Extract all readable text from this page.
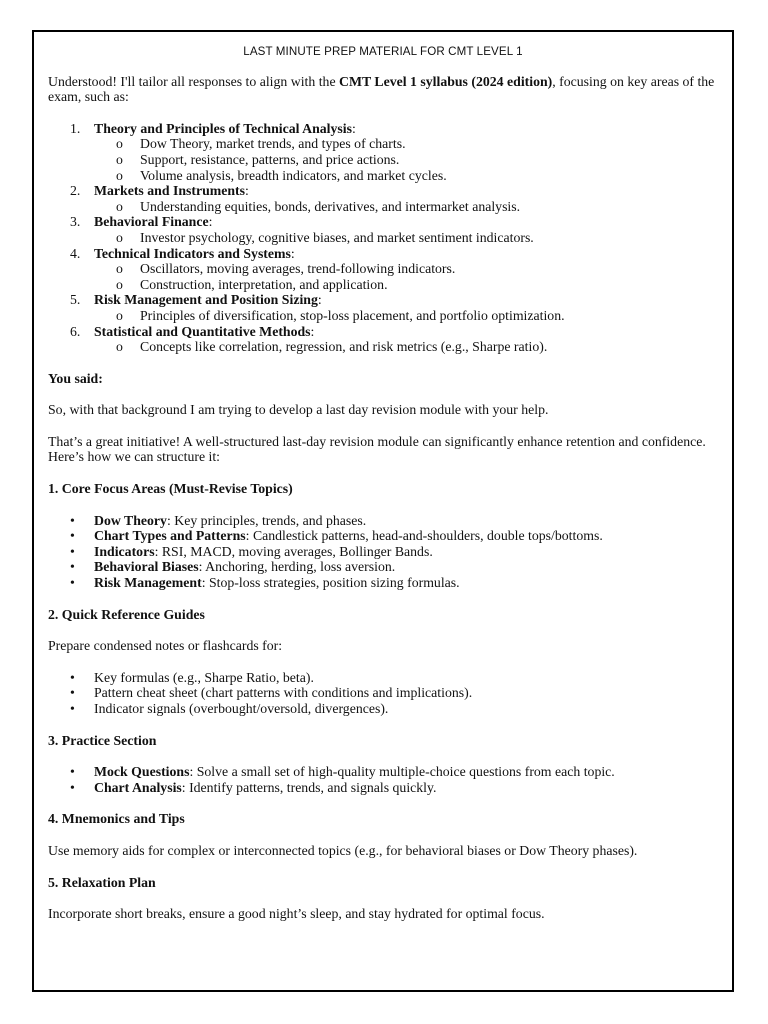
LAST MINUTE PREP MATERIAL FOR CMT LEVEL 1

Understood! I'll tailor all responses to align with the CMT Level 1 syllabus (2024 edition), focusing on key areas of the exam, such as:

1. Theory and Principles of Technical Analysis:
o Dow Theory, market trends, and types of charts.
o Support, resistance, patterns, and price actions.
o Volume analysis, breadth indicators, and market cycles.
2. Markets and Instruments:
o Understanding equities, bonds, derivatives, and intermarket analysis.
3. Behavioral Finance:
o Investor psychology, cognitive biases, and market sentiment indicators.
4. Technical Indicators and Systems:
o Oscillators, moving averages, trend-following indicators.
o Construction, interpretation, and application.
5. Risk Management and Position Sizing:
o Principles of diversification, stop-loss placement, and portfolio optimization.
6. Statistical and Quantitative Methods:
o Concepts like correlation, regression, and risk metrics (e.g., Sharpe ratio).

You said:

So, with that background I am trying to develop a last day revision module with your help.

That’s a great initiative! A well-structured last-day revision module can significantly enhance retention and confidence. Here’s how we can structure it:

1. Core Focus Areas (Must-Revise Topics)

• Dow Theory: Key principles, trends, and phases.
• Chart Types and Patterns: Candlestick patterns, head-and-shoulders, double tops/bottoms.
• Indicators: RSI, MACD, moving averages, Bollinger Bands.
• Behavioral Biases: Anchoring, herding, loss aversion.
• Risk Management: Stop-loss strategies, position sizing formulas.

2. Quick Reference Guides

Prepare condensed notes or flashcards for:

• Key formulas (e.g., Sharpe Ratio, beta).
• Pattern cheat sheet (chart patterns with conditions and implications).
• Indicator signals (overbought/oversold, divergences).

3. Practice Section

• Mock Questions: Solve a small set of high-quality multiple-choice questions from each topic.
• Chart Analysis: Identify patterns, trends, and signals quickly.

4. Mnemonics and Tips

Use memory aids for complex or interconnected topics (e.g., for behavioral biases or Dow Theory phases).

5. Relaxation Plan

Incorporate short breaks, ensure a good night’s sleep, and stay hydrated for optimal focus.
